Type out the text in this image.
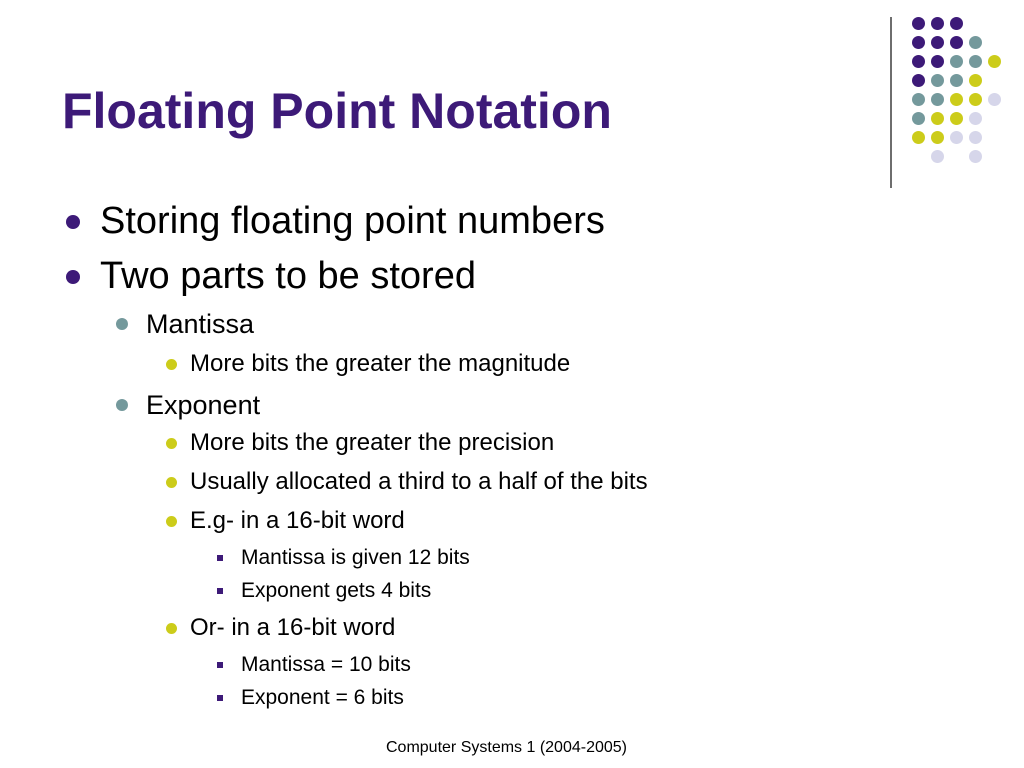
Floating Point Notation
Storing floating point numbers
Two parts to be stored
Mantissa
More bits the greater the magnitude
Exponent
More bits the greater the precision
Usually allocated a third to a half of the bits
E.g- in a 16-bit word
Mantissa is given 12 bits
Exponent gets 4 bits
Or- in a 16-bit word
Mantissa = 10 bits
Exponent = 6 bits
Computer Systems 1 (2004-2005)
